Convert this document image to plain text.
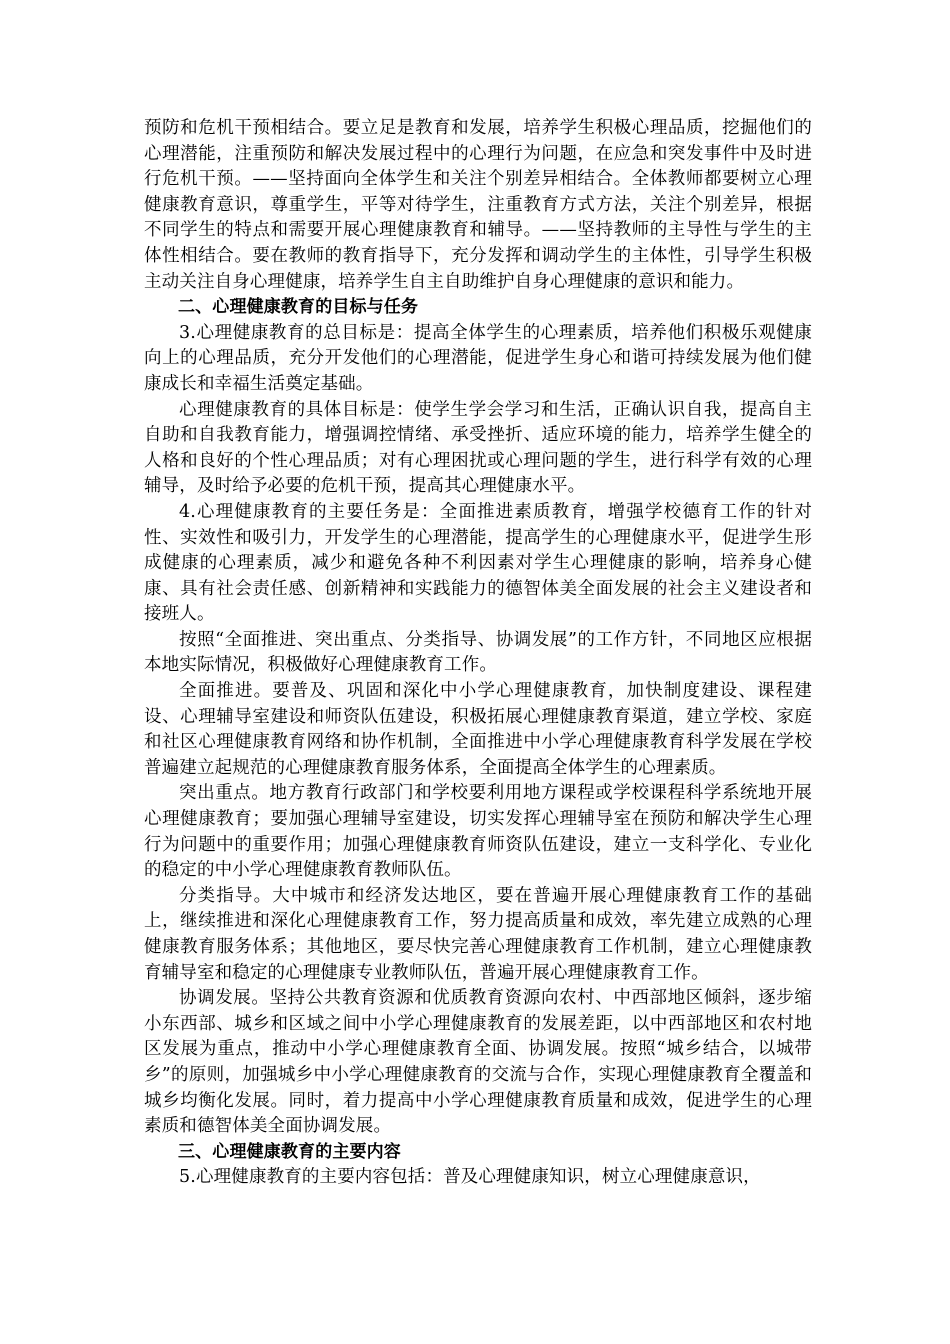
预防和危机干预相结合。要立足是教育和发展，培养学生积极心理品质，挖掘他们的心理潜能，注重预防和解决发展过程中的心理行为问题，在应急和突发事件中及时进行危机干预。——坚持面向全体学生和关注个别差异相结合。全体教师都要树立心理健康教育意识，尊重学生，平等对待学生，注重教育方式方法，关注个别差异，根据不同学生的特点和需要开展心理健康教育和辅导。——坚持教师的主导性与学生的主体性相结合。要在教师的教育指导下，充分发挥和调动学生的主体性，引导学生积极主动关注自身心理健康，培养学生自主自助维护自身心理健康的意识和能力。

二、心理健康教育的目标与任务

3.心理健康教育的总目标是：提高全体学生的心理素质，培养他们积极乐观健康向上的心理品质，充分开发他们的心理潜能，促进学生身心和谐可持续发展为他们健康成长和幸福生活奠定基础。

心理健康教育的具体目标是：使学生学会学习和生活，正确认识自我，提高自主自助和自我教育能力，增强调控情绪、承受挫折、适应环境的能力，培养学生健全的人格和良好的个性心理品质；对有心理困扰或心理问题的学生，进行科学有效的心理辅导，及时给予必要的危机干预，提高其心理健康水平。

4.心理健康教育的主要任务是：全面推进素质教育，增强学校德育工作的针对性、实效性和吸引力，开发学生的心理潜能，提高学生的心理健康水平，促进学生形成健康的心理素质，减少和避免各种不利因素对学生心理健康的影响，培养身心健康、具有社会责任感、创新精神和实践能力的德智体美全面发展的社会主义建设者和接班人。

按照“全面推进、突出重点、分类指导、协调发展”的工作方针，不同地区应根据本地实际情况，积极做好心理健康教育工作。

全面推进。要普及、巩固和深化中小学心理健康教育，加快制度建设、课程建设、心理辅导室建设和师资队伍建设，积极拓展心理健康教育渠道，建立学校、家庭和社区心理健康教育网络和协作机制，全面推进中小学心理健康教育科学发展在学校普遍建立起规范的心理健康教育服务体系，全面提高全体学生的心理素质。

突出重点。地方教育行政部门和学校要利用地方课程或学校课程科学系统地开展心理健康教育；要加强心理辅导室建设，切实发挥心理辅导室在预防和解决学生心理行为问题中的重要作用；加强心理健康教育师资队伍建设，建立一支科学化、专业化的稳定的中小学心理健康教育教师队伍。

分类指导。大中城市和经济发达地区，要在普遍开展心理健康教育工作的基础上，继续推进和深化心理健康教育工作，努力提高质量和成效，率先建立成熟的心理健康教育服务体系；其他地区，要尽快完善心理健康教育工作机制，建立心理健康教育辅导室和稳定的心理健康专业教师队伍，普遍开展心理健康教育工作。

协调发展。坚持公共教育资源和优质教育资源向农村、中西部地区倾斜，逐步缩小东西部、城乡和区域之间中小学心理健康教育的发展差距，以中西部地区和农村地区发展为重点，推动中小学心理健康教育全面、协调发展。按照“城乡结合，以城带乡”的原则，加强城乡中小学心理健康教育的交流与合作，实现心理健康教育全覆盖和城乡均衡化发展。同时，着力提高中小学心理健康教育质量和成效，促进学生的心理素质和德智体美全面协调发展。

三、心理健康教育的主要内容

5.心理健康教育的主要内容包括：普及心理健康知识，树立心理健康意识，
